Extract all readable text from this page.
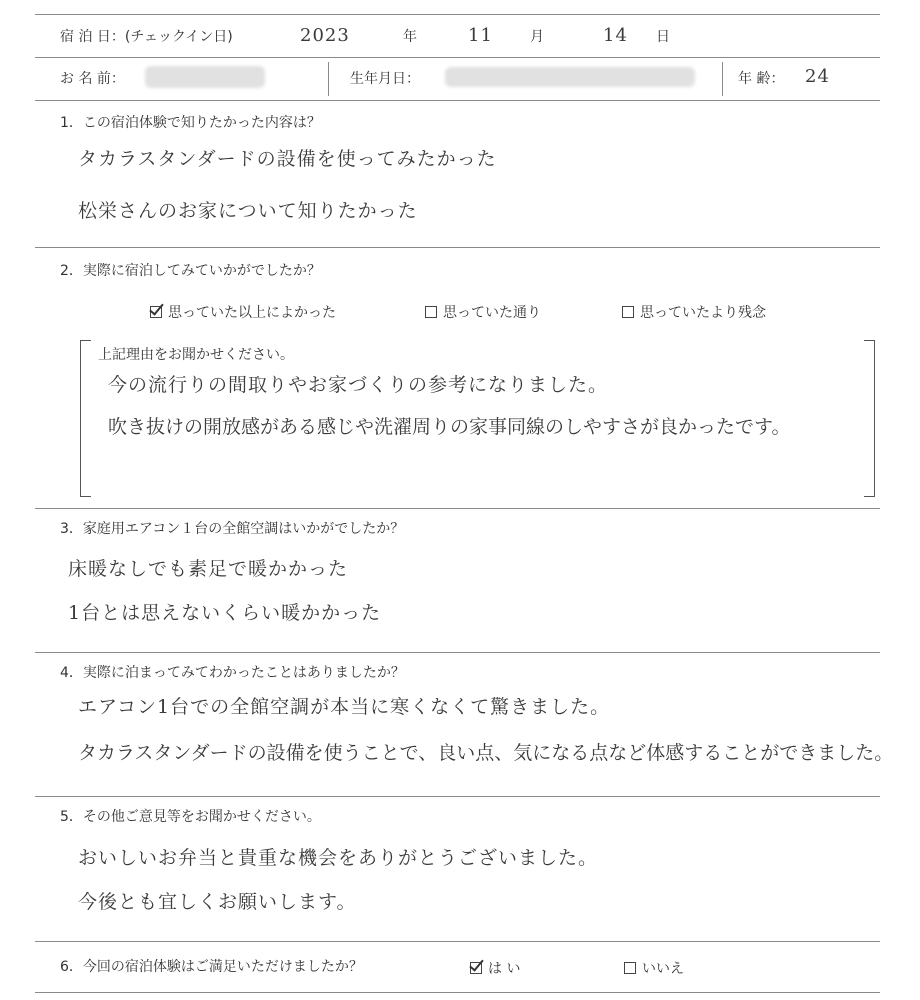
宿 泊 日：(チェックイン日)	2023	年	11	月	14 日
お 名 前：	生年月日：	年 齢： 24
1．この宿泊体験で知りたかった内容は？
タカラスタンダードの設備を使ってみたかった
松栄さんのお家について知りたかった
2．実際に宿泊してみていかがでしたか？
思っていた以上によかった	思っていた通り	思っていたより残念
上記理由をお聞かせください。
今の流行りの間取りやお家づくりの参考になりました。
吹き抜けの開放感がある感じや洗濯周りの家事同線のしやすさが良かったです。
3．家庭用エアコン１台の全館空調はいかがでしたか？
床暖なしでも素足で暖かかった
1台とは思えないくらい暖かかった
4．実際に泊まってみてわかったことはありましたか？
エアコン1台での全館空調が本当に寒くなくて驚きました。
タカラスタンダードの設備を使うことで、良い点、気になる点など体感することができました。
5．その他ご意見等をお聞かせください。
おいしいお弁当と貴重な機会をありがとうございました。
今後とも宜しくお願いします。
6．今回の宿泊体験はご満足いただけましたか？	は い	いいえ
